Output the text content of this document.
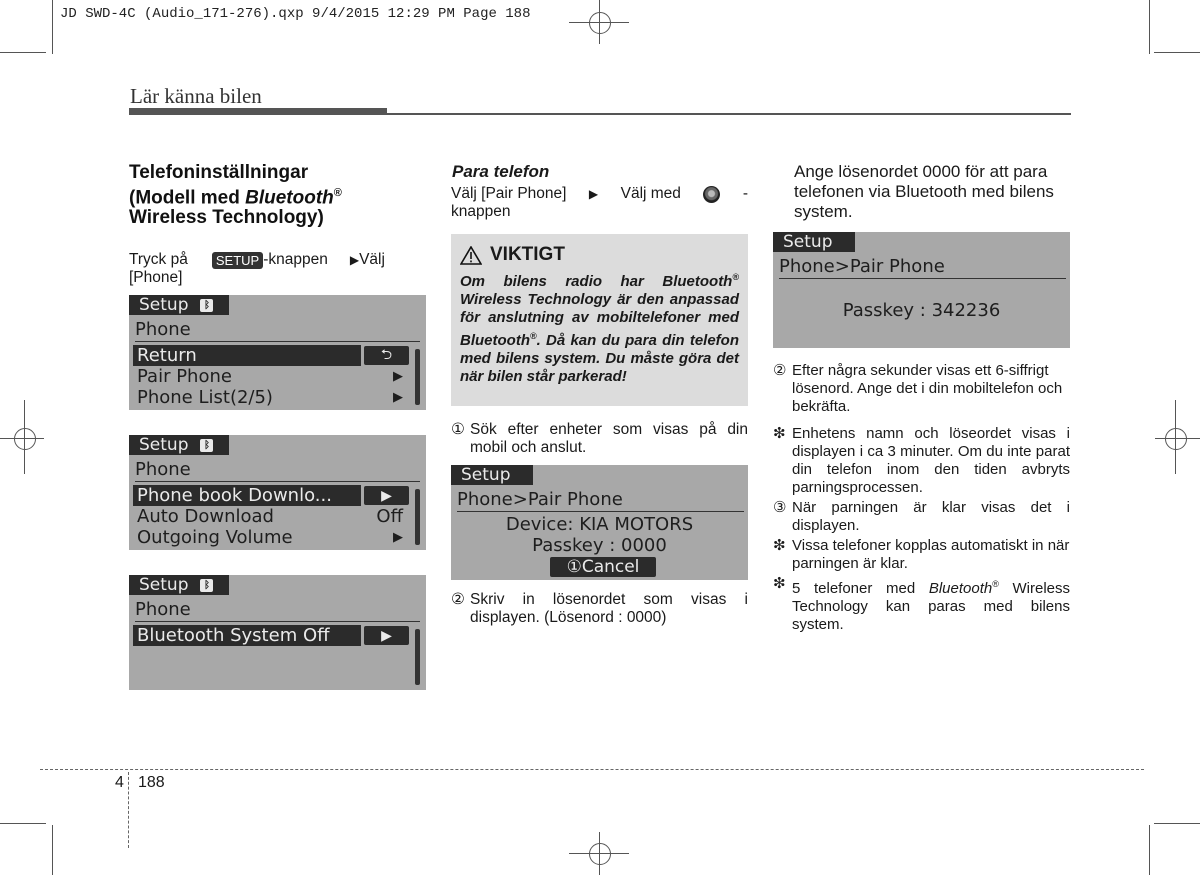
JD SWD-4C (Audio_171-276).qxp 9/4/2015 12:29 PM Page 188
Lär känna bilen
Telefoninställningar
(Modell med Bluetooth®
Wireless Technology)
Tryck på	SETUP -knappen ▶ Välj
[Phone]
Setup	ᛒ
Phone
Return	⮌
Pair Phone	▶
Phone List(2/5)	▶
Setup	ᛒ
Phone
Phone book Downlo...	▶
Auto Download	Off
Outgoing Volume	▶
Setup	ᛒ
Phone
Bluetooth System Off	▶
Para telefon
Välj [Pair Phone] ▶ Välj med	-
knappen
VIKTIGT
Om bilens radio har Bluetooth® Wireless Technology är den anpassad för anslutning av mobiltelefoner med Bluetooth®. Då kan du para din telefon med bilens system. Du måste göra det när bilen står parkerad!
① Sök efter enheter som visas på din mobil och anslut.
Setup
Phone>Pair Phone
Device: KIA MOTORS
Passkey : 0000
①Cancel
② Skriv in lösenordet som visas i displayen. (Lösenord : 0000)
Ange lösenordet 0000 för att para telefonen via Bluetooth med bilens system.
Setup
Phone>Pair Phone
Passkey : 342236
② Efter några sekunder visas ett 6-siffrigt lösenord. Ange det i din mobiltelefon och bekräfta.
❇ Enhetens namn och löseordet visas i displayen i ca 3 minuter. Om du inte parat din telefon inom den tiden avbryts parningsprocessen.
③ När parningen är klar visas det i displayen.
❇ Vissa telefoner kopplas automatiskt in när parningen är klar.
❇ 5 telefoner med Bluetooth® Wireless Technology kan paras med bilens system.
4 188
